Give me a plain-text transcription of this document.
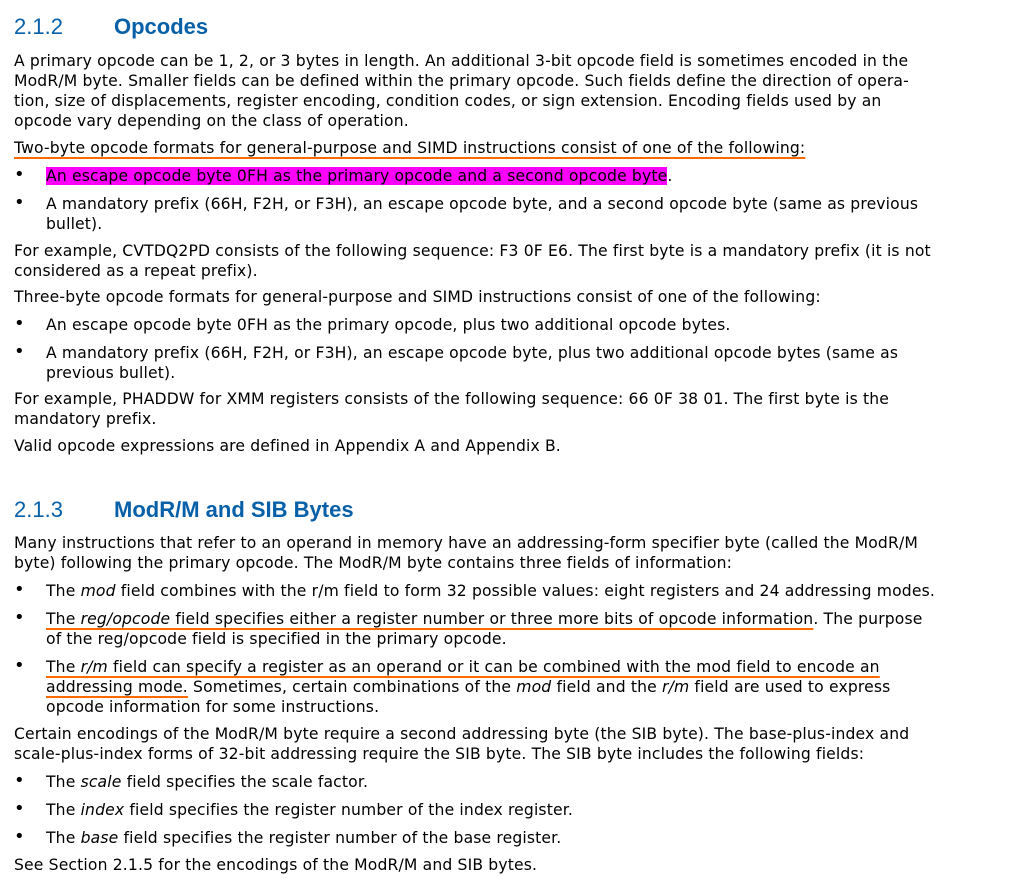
2.1.2 Opcodes
A primary opcode can be 1, 2, or 3 bytes in length. An additional 3-bit opcode field is sometimes encoded in the
ModR/M byte. Smaller fields can be defined within the primary opcode. Such fields define the direction of opera-
tion, size of displacements, register encoding, condition codes, or sign extension. Encoding fields used by an
opcode vary depending on the class of operation.
Two-byte opcode formats for general-purpose and SIMD instructions consist of one of the following:
• An escape opcode byte 0FH as the primary opcode and a second opcode byte.
• A mandatory prefix (66H, F2H, or F3H), an escape opcode byte, and a second opcode byte (same as previous
bullet).
For example, CVTDQ2PD consists of the following sequence: F3 0F E6. The first byte is a mandatory prefix (it is not
considered as a repeat prefix).
Three-byte opcode formats for general-purpose and SIMD instructions consist of one of the following:
• An escape opcode byte 0FH as the primary opcode, plus two additional opcode bytes.
• A mandatory prefix (66H, F2H, or F3H), an escape opcode byte, plus two additional opcode bytes (same as
previous bullet).
For example, PHADDW for XMM registers consists of the following sequence: 66 0F 38 01. The first byte is the
mandatory prefix.
Valid opcode expressions are defined in Appendix A and Appendix B.
2.1.3 ModR/M and SIB Bytes
Many instructions that refer to an operand in memory have an addressing-form specifier byte (called the ModR/M
byte) following the primary opcode. The ModR/M byte contains three fields of information:
• The mod field combines with the r/m field to form 32 possible values: eight registers and 24 addressing modes.
• The reg/opcode field specifies either a register number or three more bits of opcode information. The purpose
of the reg/opcode field is specified in the primary opcode.
• The r/m field can specify a register as an operand or it can be combined with the mod field to encode an
addressing mode. Sometimes, certain combinations of the mod field and the r/m field are used to express
opcode information for some instructions.
Certain encodings of the ModR/M byte require a second addressing byte (the SIB byte). The base-plus-index and
scale-plus-index forms of 32-bit addressing require the SIB byte. The SIB byte includes the following fields:
• The scale field specifies the scale factor.
• The index field specifies the register number of the index register.
• The base field specifies the register number of the base register.
See Section 2.1.5 for the encodings of the ModR/M and SIB bytes.
